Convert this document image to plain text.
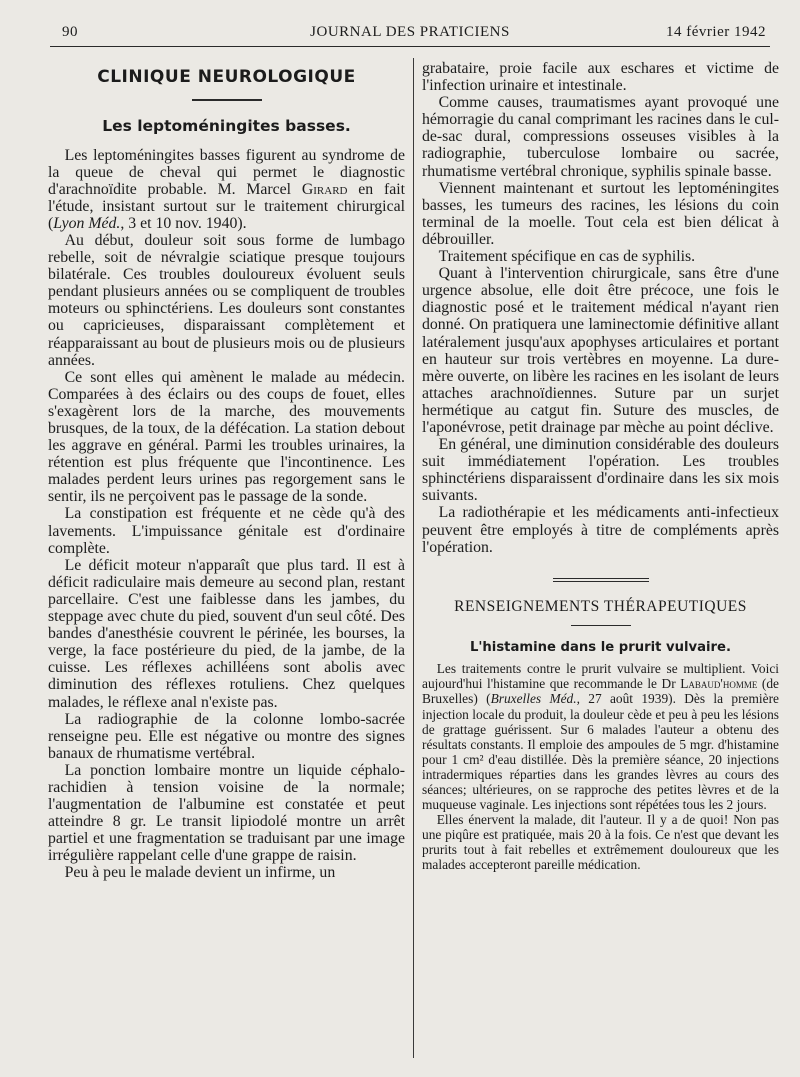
90	JOURNAL DES PRATICIENS	14 février 1942
CLINIQUE NEUROLOGIQUE
Les leptoméningites basses.

Les leptoméningites basses figurent au syndrome de la queue de cheval qui permet le diagnostic d'arachnoïdite probable. M. Marcel Girard en fait l'étude, insistant surtout sur le traitement chirurgical (Lyon Méd., 3 et 10 nov. 1940).

Au début, douleur soit sous forme de lumbago rebelle, soit de névralgie sciatique presque toujours bilatérale. Ces troubles douloureux évoluent seuls pendant plusieurs années ou se compliquent de troubles moteurs ou sphinctériens. Les douleurs sont constantes ou capricieuses, disparaissant complètement et réapparaissant au bout de plusieurs mois ou de plusieurs années.

Ce sont elles qui amènent le malade au médecin. Comparées à des éclairs ou des coups de fouet, elles s'exagèrent lors de la marche, des mouvements brusques, de la toux, de la défécation. La station debout les aggrave en général. Parmi les troubles urinaires, la rétention est plus fréquente que l'incontinence. Les malades perdent leurs urines pas regorgement sans le sentir, ils ne perçoivent pas le passage de la sonde.

La constipation est fréquente et ne cède qu'à des lavements. L'impuissance génitale est d'ordinaire complète.

Le déficit moteur n'apparaît que plus tard. Il est à déficit radiculaire mais demeure au second plan, restant parcellaire. C'est une faiblesse dans les jambes, du steppage avec chute du pied, souvent d'un seul côté. Des bandes d'anesthésie couvrent le périnée, les bourses, la verge, la face postérieure du pied, de la jambe, de la cuisse. Les réflexes achilléens sont abolis avec diminution des réflexes rotuliens. Chez quelques malades, le réflexe anal n'existe pas.

La radiographie de la colonne lombo-sacrée renseigne peu. Elle est négative ou montre des signes banaux de rhumatisme vertébral.

La ponction lombaire montre un liquide céphalo-rachidien à tension voisine de la normale; l'augmentation de l'albumine est constatée et peut atteindre 8 gr. Le transit lipiodolé montre un arrêt partiel et une fragmentation se traduisant par une image irrégulière rappelant celle d'une grappe de raisin.

Peu à peu le malade devient un infirme, un

grabataire, proie facile aux eschares et victime de l'infection urinaire et intestinale.

Comme causes, traumatismes ayant provoqué une hémorragie du canal comprimant les racines dans le cul-de-sac dural, compressions osseuses visibles à la radiographie, tuberculose lombaire ou sacrée, rhumatisme vertébral chronique, syphilis spinale basse.

Viennent maintenant et surtout les leptoméningites basses, les tumeurs des racines, les lésions du coin terminal de la moelle. Tout cela est bien délicat à débrouiller.

Traitement spécifique en cas de syphilis.

Quant à l'intervention chirurgicale, sans être d'une urgence absolue, elle doit être précoce, une fois le diagnostic posé et le traitement médical n'ayant rien donné. On pratiquera une laminectomie définitive allant latéralement jusqu'aux apophyses articulaires et portant en hauteur sur trois vertèbres en moyenne. La dure-mère ouverte, on libère les racines en les isolant de leurs attaches arachnoïdiennes. Suture par un surjet hermétique au catgut fin. Suture des muscles, de l'aponévrose, petit drainage par mèche au point déclive.

En général, une diminution considérable des douleurs suit immédiatement l'opération. Les troubles sphinctériens disparaissent d'ordinaire dans les six mois suivants.

La radiothérapie et les médicaments anti-infectieux peuvent être employés à titre de compléments après l'opération.

RENSEIGNEMENTS THÉRAPEUTIQUES
L'histamine dans le prurit vulvaire.

Les traitements contre le prurit vulvaire se multiplient. Voici aujourd'hui l'histamine que recommande le Dr Labaud'homme (de Bruxelles) (Bruxelles Méd., 27 août 1939). Dès la première injection locale du produit, la douleur cède et peu à peu les lésions de grattage guérissent. Sur 6 malades l'auteur a obtenu des résultats constants. Il emploie des ampoules de 5 mgr. d'histamine pour 1 cm² d'eau distillée. Dès la première séance, 20 injections intradermiques réparties dans les grandes lèvres au cours des séances; ultérieures, on se rapproche des petites lèvres et de la muqueuse vaginale. Les injections sont répétées tous les 2 jours.

Elles énervent la malade, dit l'auteur. Il y a de quoi! Non pas une piqûre est pratiquée, mais 20 à la fois. Ce n'est que devant les prurits tout à fait rebelles et extrêmement douloureux que les malades accepteront pareille médication.
